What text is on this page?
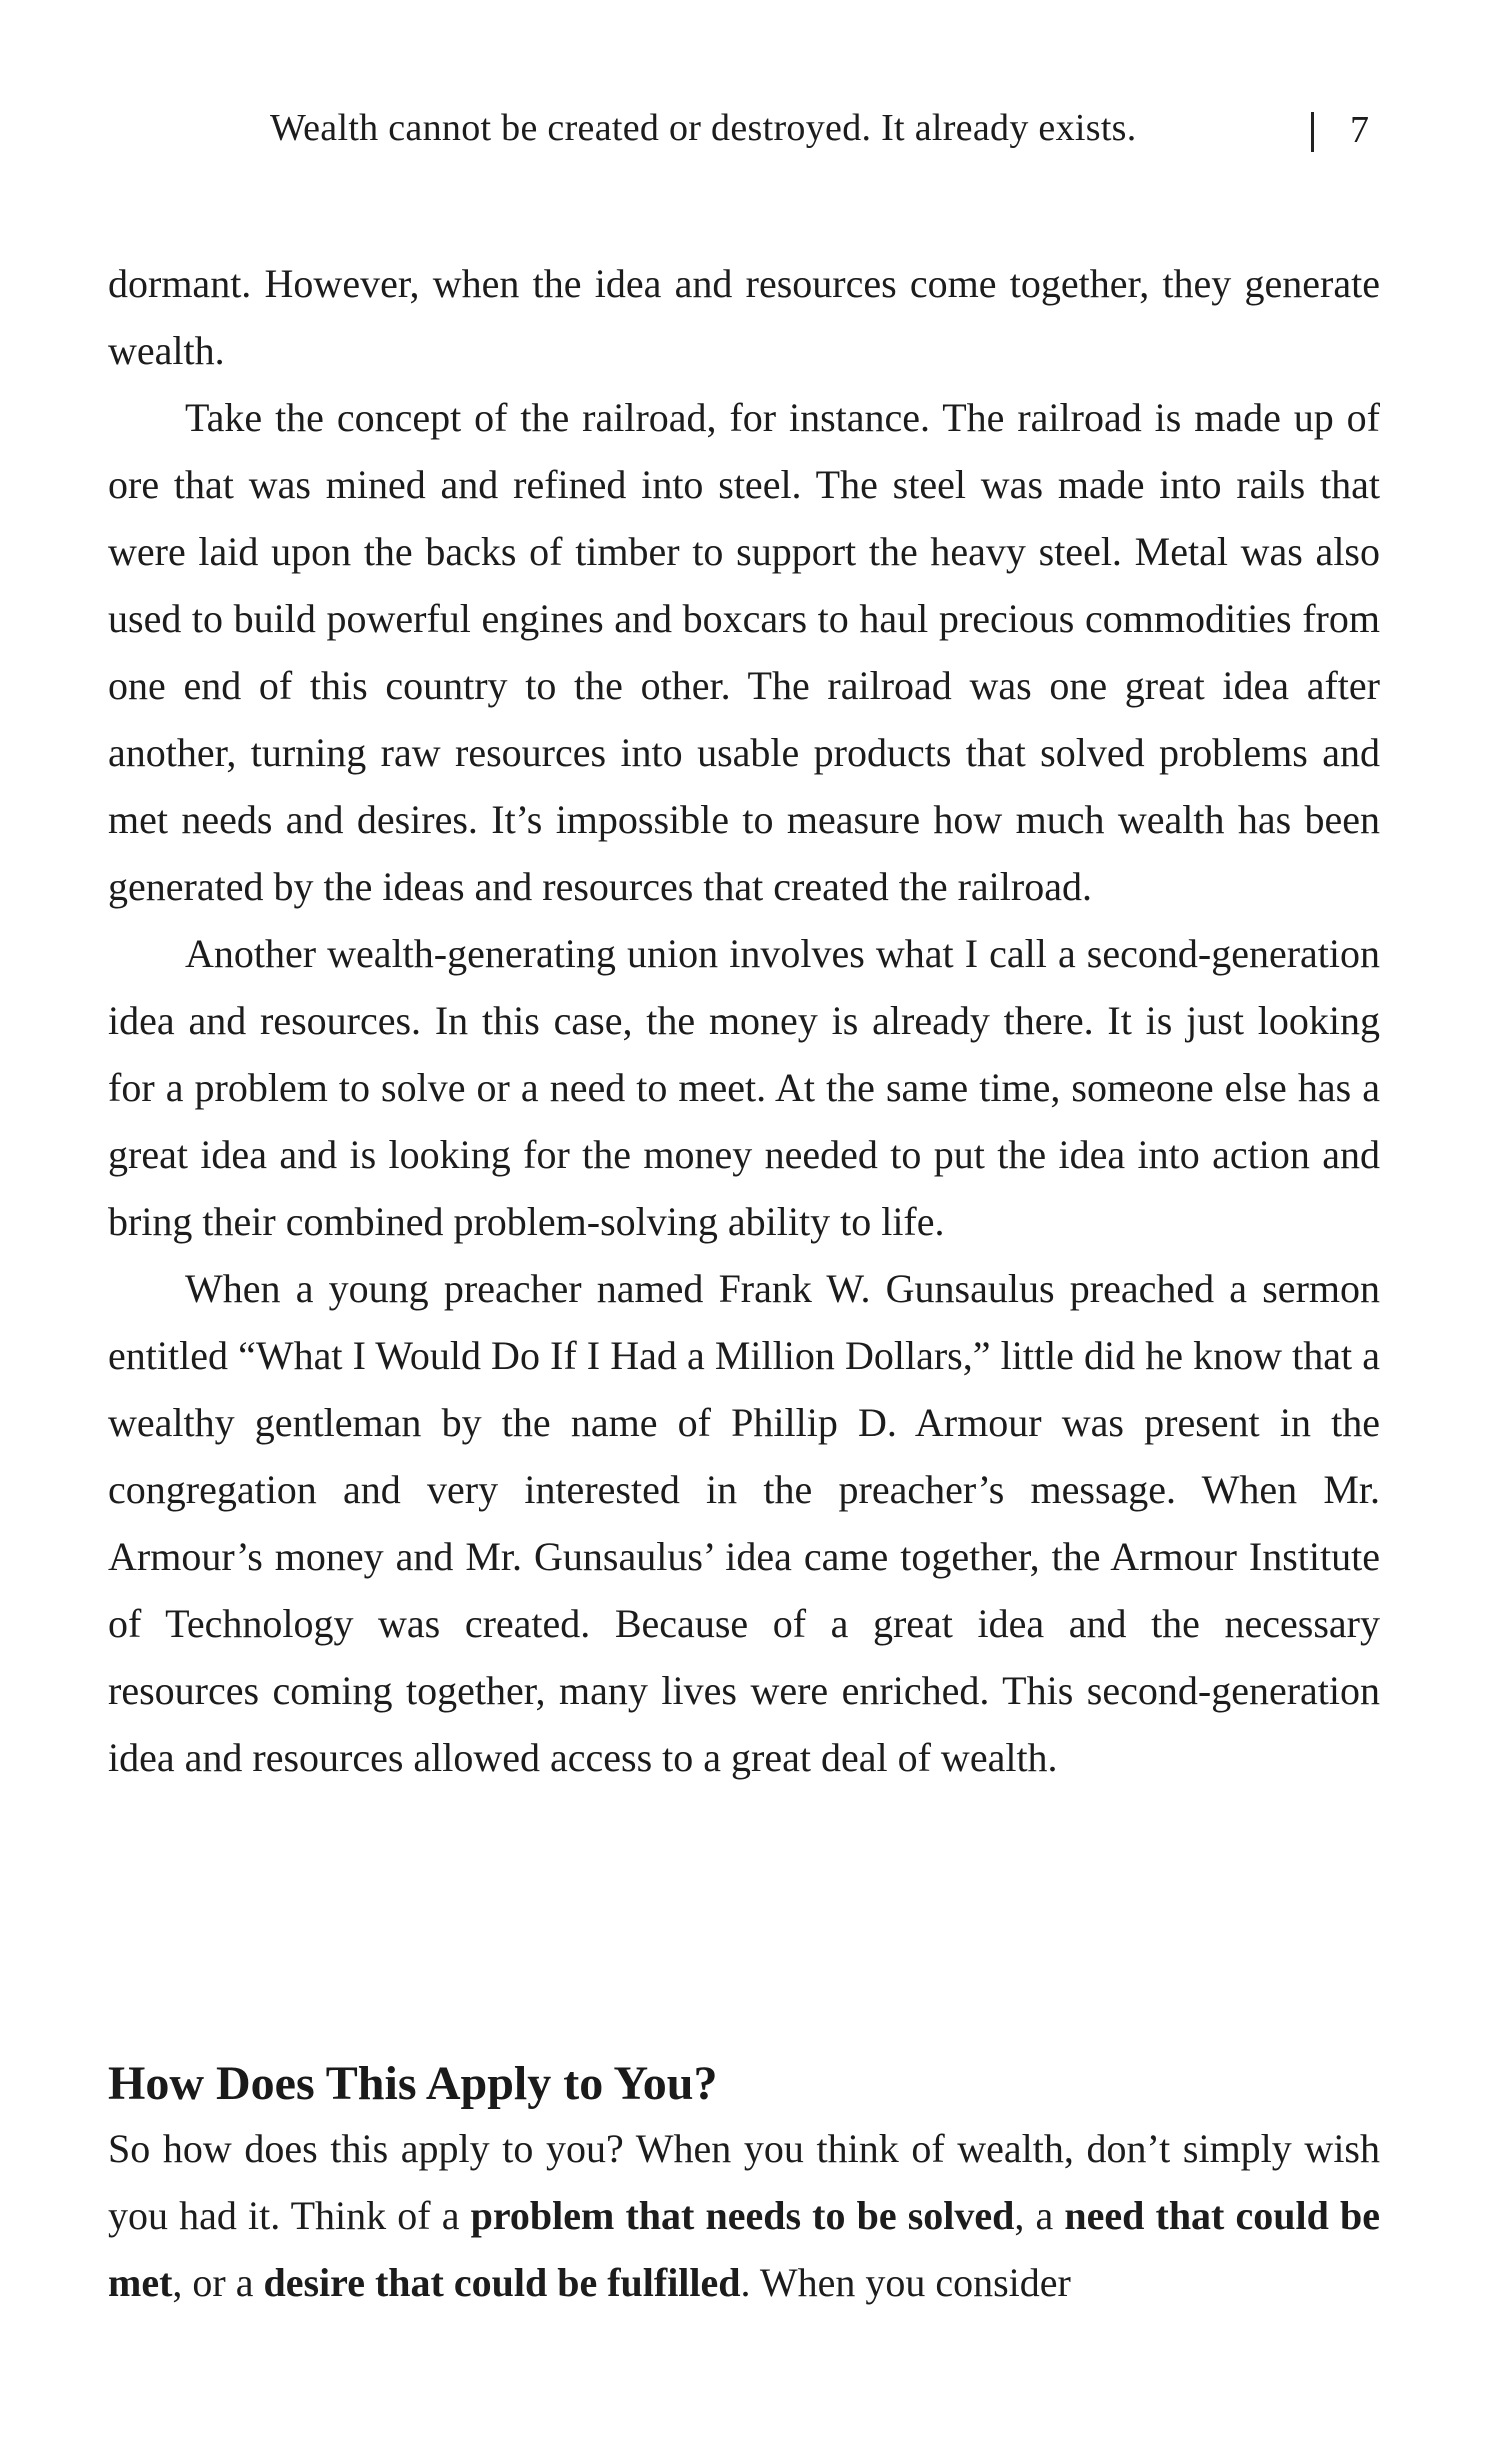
Wealth cannot be created or destroyed. It already exists.	7

dormant. However, when the idea and resources come together, they generate wealth.

Take the concept of the railroad, for instance. The railroad is made up of ore that was mined and refined into steel. The steel was made into rails that were laid upon the backs of timber to support the heavy steel. Metal was also used to build powerful engines and boxcars to haul precious commodities from one end of this country to the other. The railroad was one great idea after another, turning raw resources into usable products that solved problems and met needs and desires. It’s impossible to measure how much wealth has been generated by the ideas and resources that created the railroad.

Another wealth-generating union involves what I call a second-generation idea and resources. In this case, the money is already there. It is just looking for a problem to solve or a need to meet. At the same time, someone else has a great idea and is looking for the money needed to put the idea into action and bring their combined problem-solving ability to life.

When a young preacher named Frank W. Gunsaulus preached a sermon entitled “What I Would Do If I Had a Million Dollars,” little did he know that a wealthy gentleman by the name of Phillip D. Armour was present in the congregation and very interested in the preacher’s message. When Mr. Armour’s money and Mr. Gunsaulus’ idea came together, the Armour Institute of Technology was created. Because of a great idea and the necessary resources coming together, many lives were enriched. This second-generation idea and resources allowed access to a great deal of wealth.

How Does This Apply to You?

So how does this apply to you? When you think of wealth, don’t simply wish you had it. Think of a problem that needs to be solved, a need that could be met, or a desire that could be fulfilled. When you consider
